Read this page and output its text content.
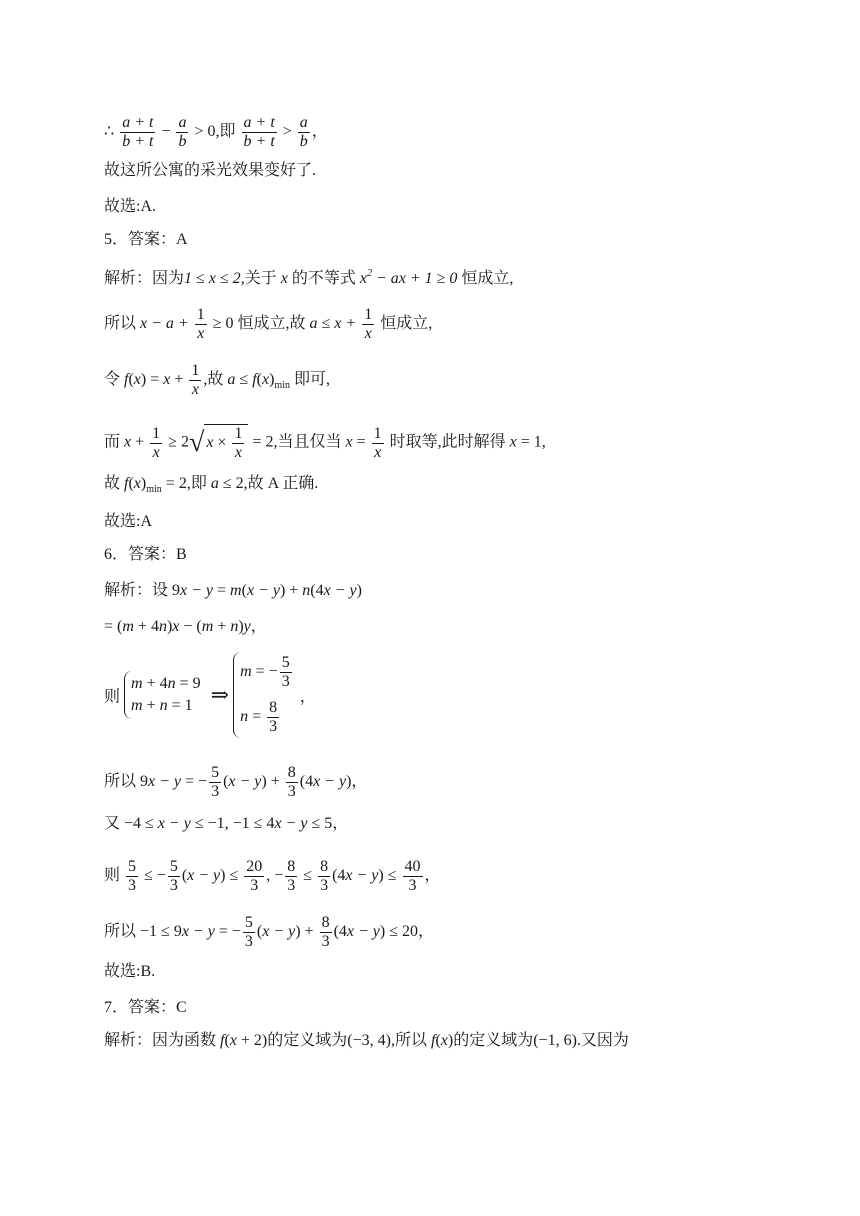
∴ $\frac{a + t}{b + t} - \frac{a}{b} > 0$,即 $\frac{a + t}{b + t} > \frac{a}{b}$ ，
故这所公寓的采光效果变好了.
故选:A.
5．答案：A
解析：因为1 ≤ x ≤ 2,关于 x 的不等式 $x^2$ − ax + 1 ≥ 0 恒成立,
所以 $x - a + \frac{1}{x} \ge 0$ 恒成立,故 $a \le x + \frac{1}{x}$ 恒成立,
令 $f(x) = x + \frac{1}{x}$ ,故 $a \le f(x)_{min}$ 即可,
而 $x + \frac{1}{x} \ge 2√$ $x \times \frac{1}{x} = 2$,当且仅当 $x = \frac{1}{x}$ 时取等,此时解得 x = 1,
故 $f(x)_{min} = 2$,即 a ≤ 2,故 A 正确.
故选:A
6．答案：B
解析：设 9x − y = m(x − y) + n(4x − y)
= (m + 4n)x − (m + n)y，
则
m + 4n = 9
m + n = 1 ⇒
m = − $\frac{5}{3}$
$n = \frac{8}{3}$
，
所以 9x − y = − $\frac{5}{3} (x - y) + \frac{8}{3} (4x - y)$，
又 −4 ≤ x − y ≤ −1, −1 ≤ 4x − y ≤ 5，
则 $\frac{5}{3}$ ≤ − $\frac{5}{3} (x - y) \le \frac{20}{3}$ , − $\frac{8}{3} \le \frac{8}{3} (4x - y) \le \frac{40}{3}$ ，
所以 −1 ≤ 9x − y = − $\frac{5}{3} (x - y) + \frac{8}{3} (4x - y) \le 20$，
故选:B.
7．答案：C
解析：因为函数 f(x + 2)的定义域为(−3, 4),所以 f(x)的定义域为(−1, 6).又因为
